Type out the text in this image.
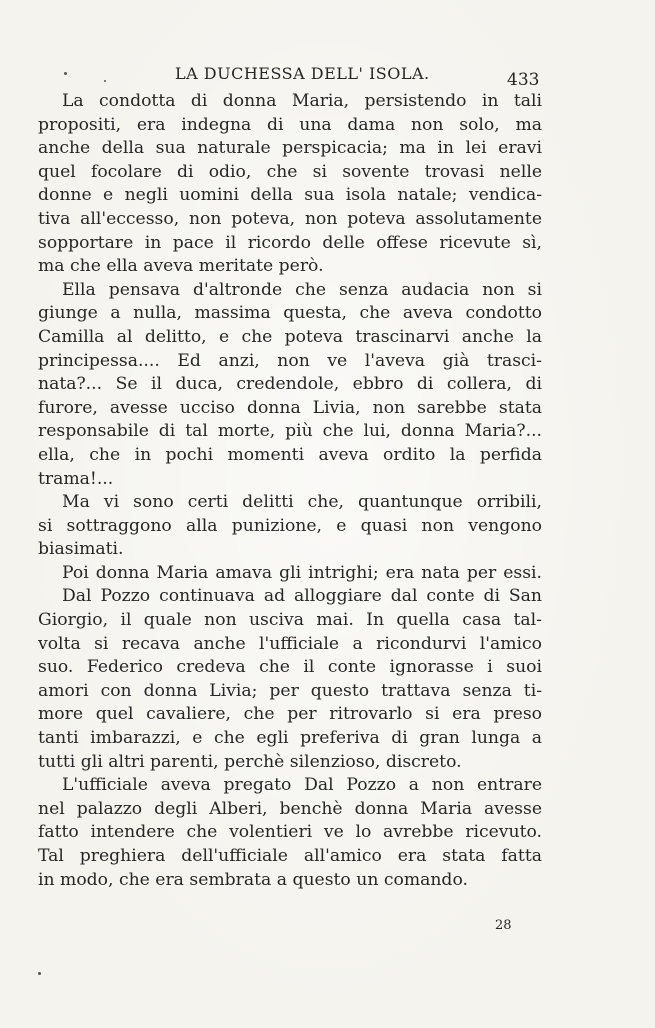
LA DUCHESSA DELL' ISOLA.	433
La condotta di donna Maria, persistendo in tali
propositi, era indegna di una dama non solo, ma
anche della sua naturale perspicacia; ma in lei eravi
quel focolare di odio, che si sovente trovasi nelle
donne e negli uomini della sua isola natale; vendica-
tiva all'eccesso, non poteva, non poteva assolutamente
sopportare in pace il ricordo delle offese ricevute sì,
ma che ella aveva meritate però.
Ella pensava d'altronde che senza audacia non si
giunge a nulla, massima questa, che aveva condotto
Camilla al delitto, e che poteva trascinarvi anche la
principessa.... Ed anzi, non ve l'aveva già trasci-
nata?... Se il duca, credendole, ebbro di collera, di
furore, avesse ucciso donna Livia, non sarebbe stata
responsabile di tal morte, più che lui, donna Maria?...
ella, che in pochi momenti aveva ordito la perfida
trama!...
Ma vi sono certi delitti che, quantunque orribili,
si sottraggono alla punizione, e quasi non vengono
biasimati.
Poi donna Maria amava gli intrighi; era nata per essi.
Dal Pozzo continuava ad alloggiare dal conte di San
Giorgio, il quale non usciva mai. In quella casa tal-
volta si recava anche l'ufficiale a ricondurvi l'amico
suo. Federico credeva che il conte ignorasse i suoi
amori con donna Livia; per questo trattava senza ti-
more quel cavaliere, che per ritrovarlo si era preso
tanti imbarazzi, e che egli preferiva di gran lunga a
tutti gli altri parenti, perchè silenzioso, discreto.
L'ufficiale aveva pregato Dal Pozzo a non entrare
nel palazzo degli Alberi, benchè donna Maria avesse
fatto intendere che volentieri ve lo avrebbe ricevuto.
Tal preghiera dell'ufficiale all'amico era stata fatta
in modo, che era sembrata a questo un comando.
28
